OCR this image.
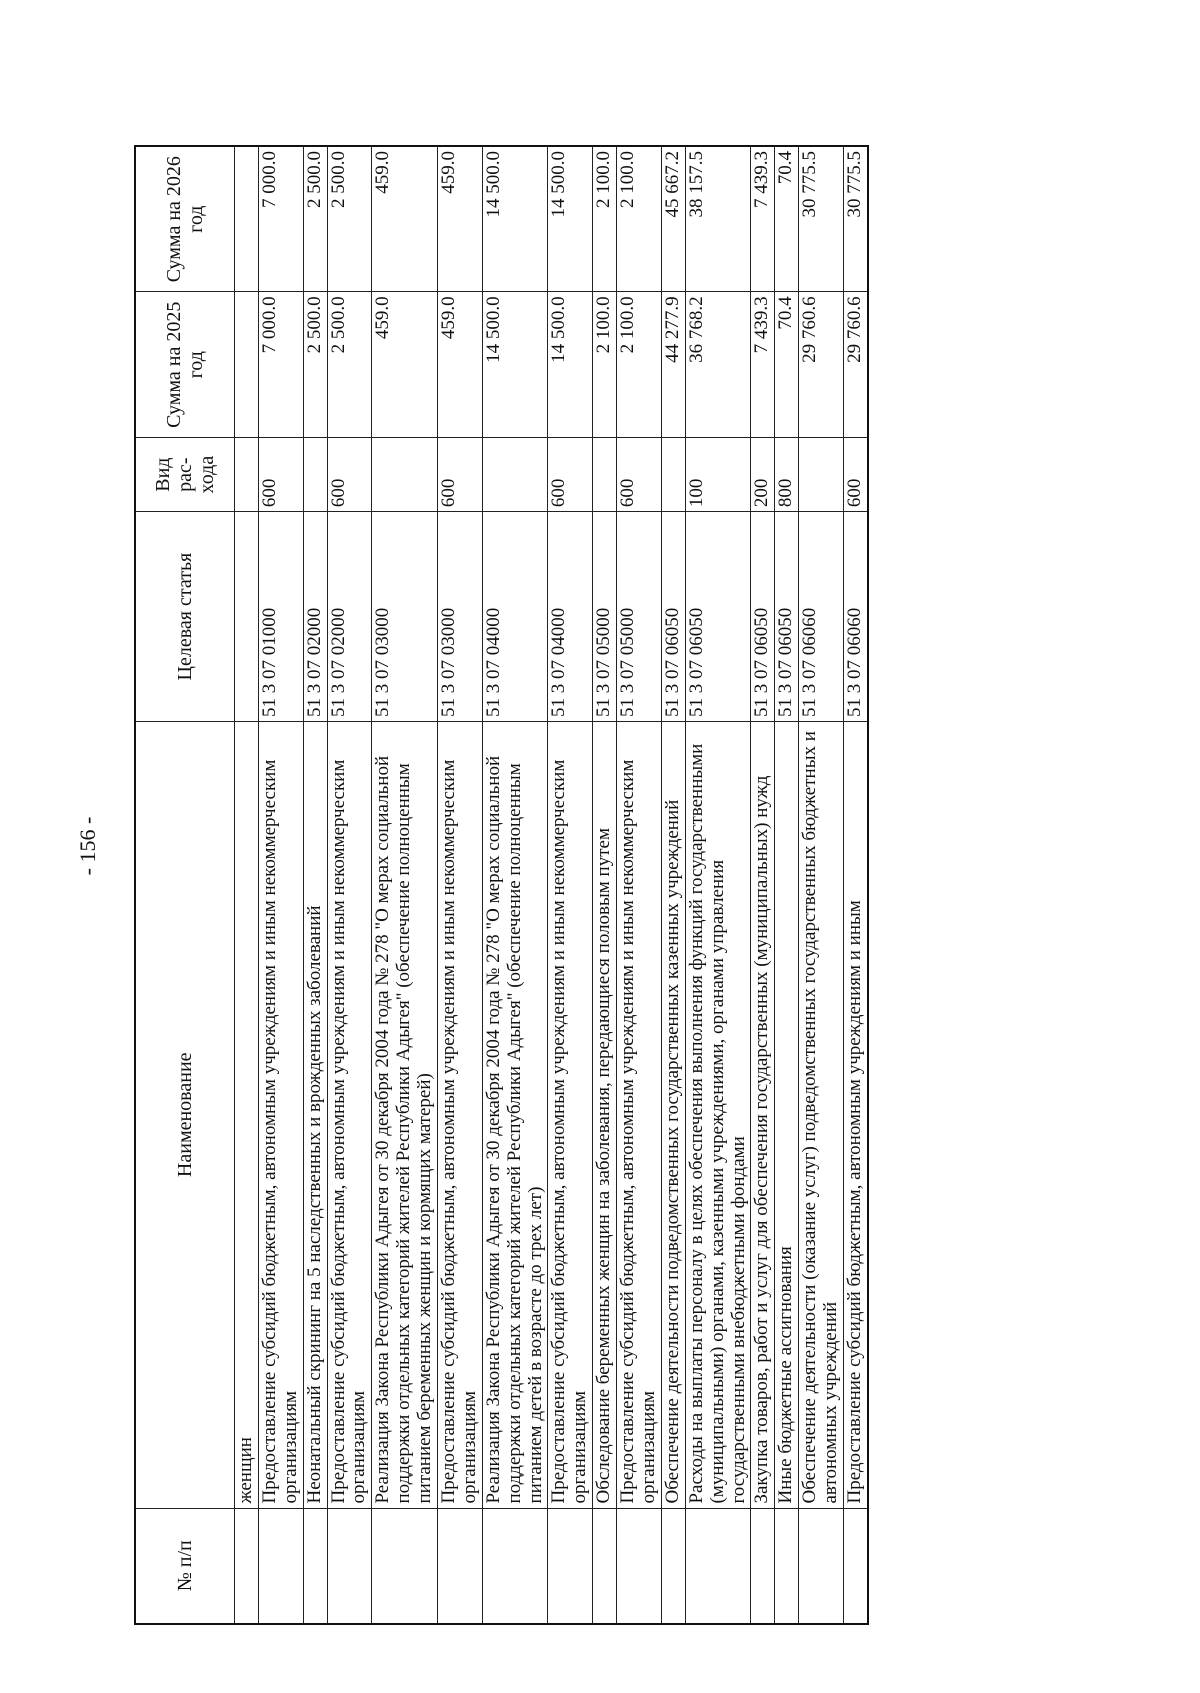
- 156 -
№ п/п	Наименование	Целевая статья	Вид рас-хода	Сумма на 2025 год	Сумма на 2026 год
	женщин				
	Предоставление субсидий бюджетным, автономным учреждениям и иным некоммерческим организациям	51 3 07 01000	600	7 000.0	7 000.0
	Неонатальный скрининг на 5 наследственных и врожденных заболеваний	51 3 07 02000		2 500.0	2 500.0
	Предоставление субсидий бюджетным, автономным учреждениям и иным некоммерческим организациям	51 3 07 02000	600	2 500.0	2 500.0
	Реализация Закона Республики Адыгея от 30 декабря 2004 года № 278 "О мерах социальной поддержки отдельных категорий жителей Республики Адыгея" (обеспечение полноценным питанием беременных женщин и кормящих матерей)	51 3 07 03000		459.0	459.0
	Предоставление субсидий бюджетным, автономным учреждениям и иным некоммерческим организациям	51 3 07 03000	600	459.0	459.0
	Реализация Закона Республики Адыгея от 30 декабря 2004 года № 278 "О мерах социальной поддержки отдельных категорий жителей Республики Адыгея" (обеспечение полноценным питанием детей в возрасте до трех лет)	51 3 07 04000		14 500.0	14 500.0
	Предоставление субсидий бюджетным, автономным учреждениям и иным некоммерческим организациям	51 3 07 04000	600	14 500.0	14 500.0
	Обследование беременных женщин на заболевания, передающиеся половым путем	51 3 07 05000		2 100.0	2 100.0
	Предоставление субсидий бюджетным, автономным учреждениям и иным некоммерческим организациям	51 3 07 05000	600	2 100.0	2 100.0
	Обеспечение деятельности подведомственных государственных казенных учреждений	51 3 07 06050		44 277.9	45 667.2
	Расходы на выплаты персоналу в целях обеспечения выполнения функций государственными (муниципальными) органами, казенными учреждениями, органами управления государственными внебюджетными фондами	51 3 07 06050	100	36 768.2	38 157.5
	Закупка товаров, работ и услуг для обеспечения государственных (муниципальных) нужд	51 3 07 06050	200	7 439.3	7 439.3
	Иные бюджетные ассигнования	51 3 07 06050	800	70.4	70.4
	Обеспечение деятельности (оказание услуг) подведомственных государственных бюджетных и автономных учреждений	51 3 07 06060		29 760.6	30 775.5
	Предоставление субсидий бюджетным, автономным учреждениям и иным	51 3 07 06060	600	29 760.6	30 775.5
